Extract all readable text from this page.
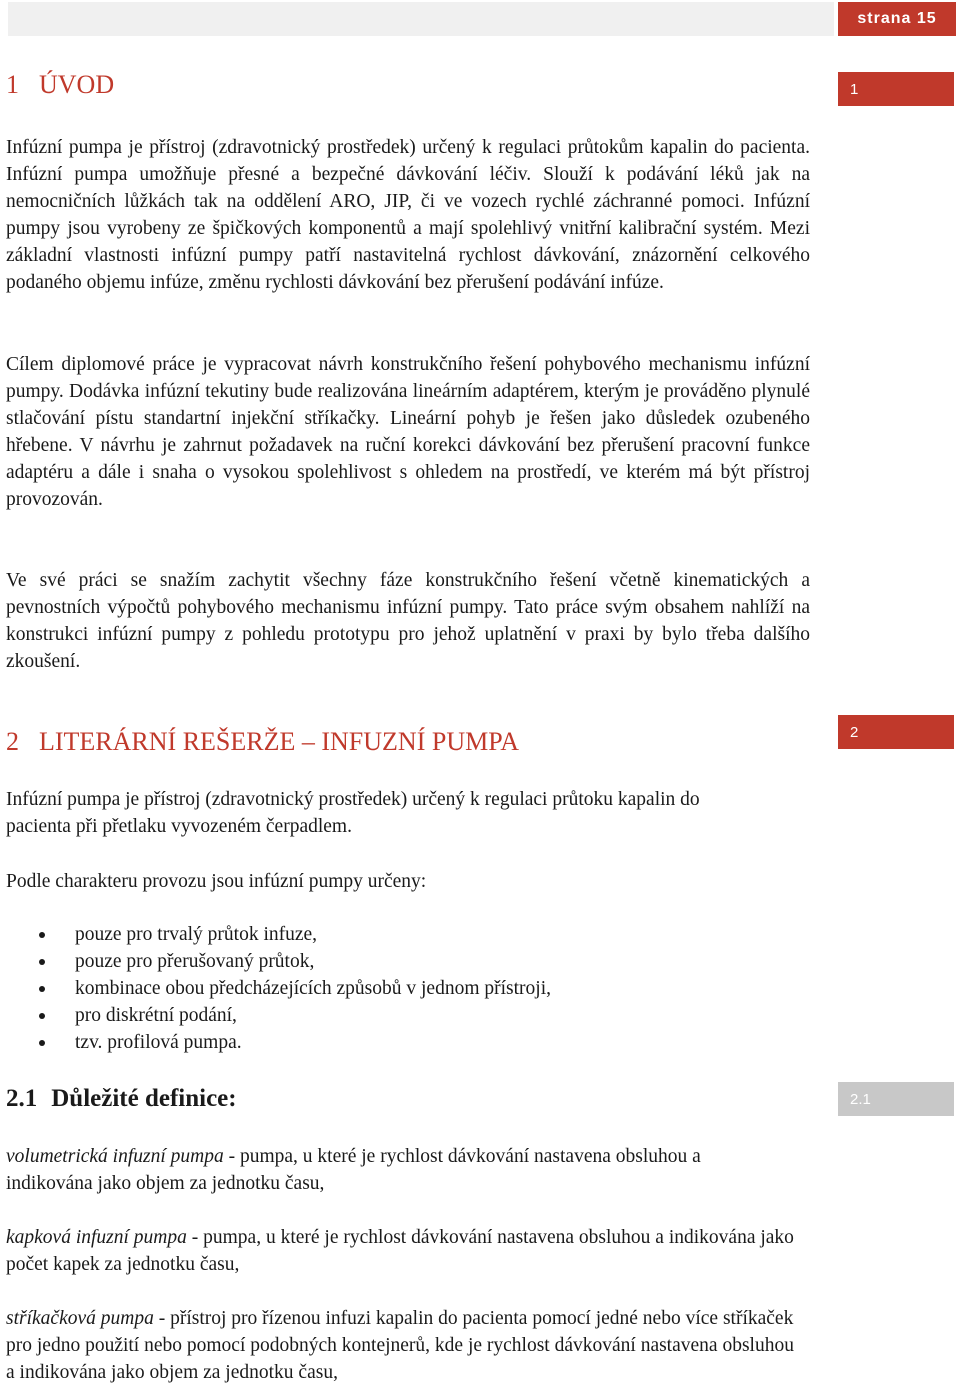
strana 15
1 ÚVOD	1

Infúzní pumpa je přístroj (zdravotnický prostředek) určený k regulaci průtokům kapalin do pacienta. Infúzní pumpa umožňuje přesné a bezpečné dávkování léčiv. Slouží k podávání léků jak na nemocničních lůžkách tak na oddělení ARO, JIP, či ve vozech rychlé záchranné pomoci. Infúzní pumpy jsou vyrobeny ze špičkových komponentů a mají spolehlivý vnitřní kalibrační systém. Mezi základní vlastnosti infúzní pumpy patří nastavitelná rychlost dávkování, znázornění celkového podaného objemu infúze, změnu rychlosti dávkování bez přerušení podávání infúze.

Cílem diplomové práce je vypracovat návrh konstrukčního řešení pohybového mechanismu infúzní pumpy. Dodávka infúzní tekutiny bude realizována lineárním adaptérem, kterým je prováděno plynulé stlačování pístu standartní injekční stříkačky. Lineární pohyb je řešen jako důsledek ozubeného hřebene. V návrhu je zahrnut požadavek na ruční korekci dávkování bez přerušení pracovní funkce adaptéru a dále i snaha o vysokou spolehlivost s ohledem na prostředí, ve kterém má být přístroj provozován.

Ve své práci se snažím zachytit všechny fáze konstrukčního řešení včetně kinematických a pevnostních výpočtů pohybového mechanismu infúzní pumpy. Tato práce svým obsahem nahlíží na konstrukci infúzní pumpy z pohledu prototypu pro jehož uplatnění v praxi by bylo třeba dalšího zkoušení.

2 LITERÁRNÍ REŠERŽE – INFUZNÍ PUMPA	2

Infúzní pumpa je přístroj (zdravotnický prostředek) určený k regulaci průtoku kapalin do pacienta při přetlaku vyvozeném čerpadlem.

Podle charakteru provozu jsou infúzní pumpy určeny:

pouze pro trvalý průtok infuze,
pouze pro přerušovaný průtok,
kombinace obou předcházejících způsobů v jednom přístroji,
pro diskrétní podání,
tzv. profilová pumpa.
2.1 Důležité definice:	2.1

volumetrická infuzní pumpa - pumpa, u které je rychlost dávkování nastavena obsluhou a indikována jako objem za jednotku času,

kapková infuzní pumpa - pumpa, u které je rychlost dávkování nastavena obsluhou a indikována jako počet kapek za jednotku času,

stříkačková pumpa - přístroj pro řízenou infuzi kapalin do pacienta pomocí jedné nebo více stříkaček pro jedno použití nebo pomocí podobných kontejnerů, kde je rychlost dávkování nastavena obsluhou a indikována jako objem za jednotku času,
